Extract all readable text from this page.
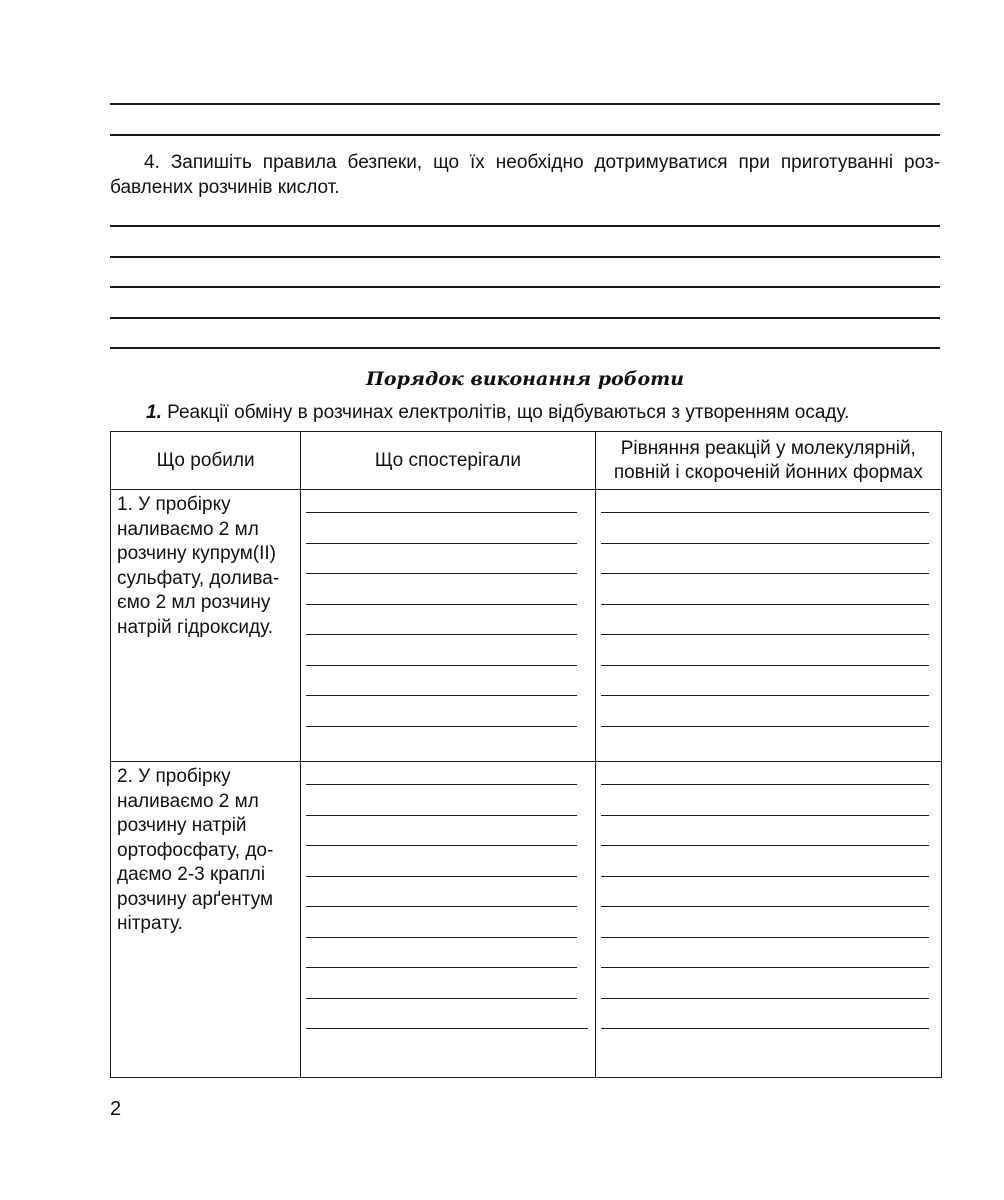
4. Запишіть правила безпеки, що їх необхідно дотримуватися при приготуванні розбавлених розчинів кислот.
Порядок виконання роботи
1. Реакції обміну в розчинах електролітів, що відбуваються з утворенням осаду.
Що робили	Що спостерігали	Рівняння реакцій у молекулярній, повній і скороченій йонних формах

1. У пробірку наливаємо 2 мл розчину купрум(ІІ) сульфату, доливаємо 2 мл розчину натрій гідроксиду.		

2. У пробірку наливаємо 2 мл розчину натрій ортофосфату, додаємо 2-3 краплі розчину арґентум нітрату.		

2
